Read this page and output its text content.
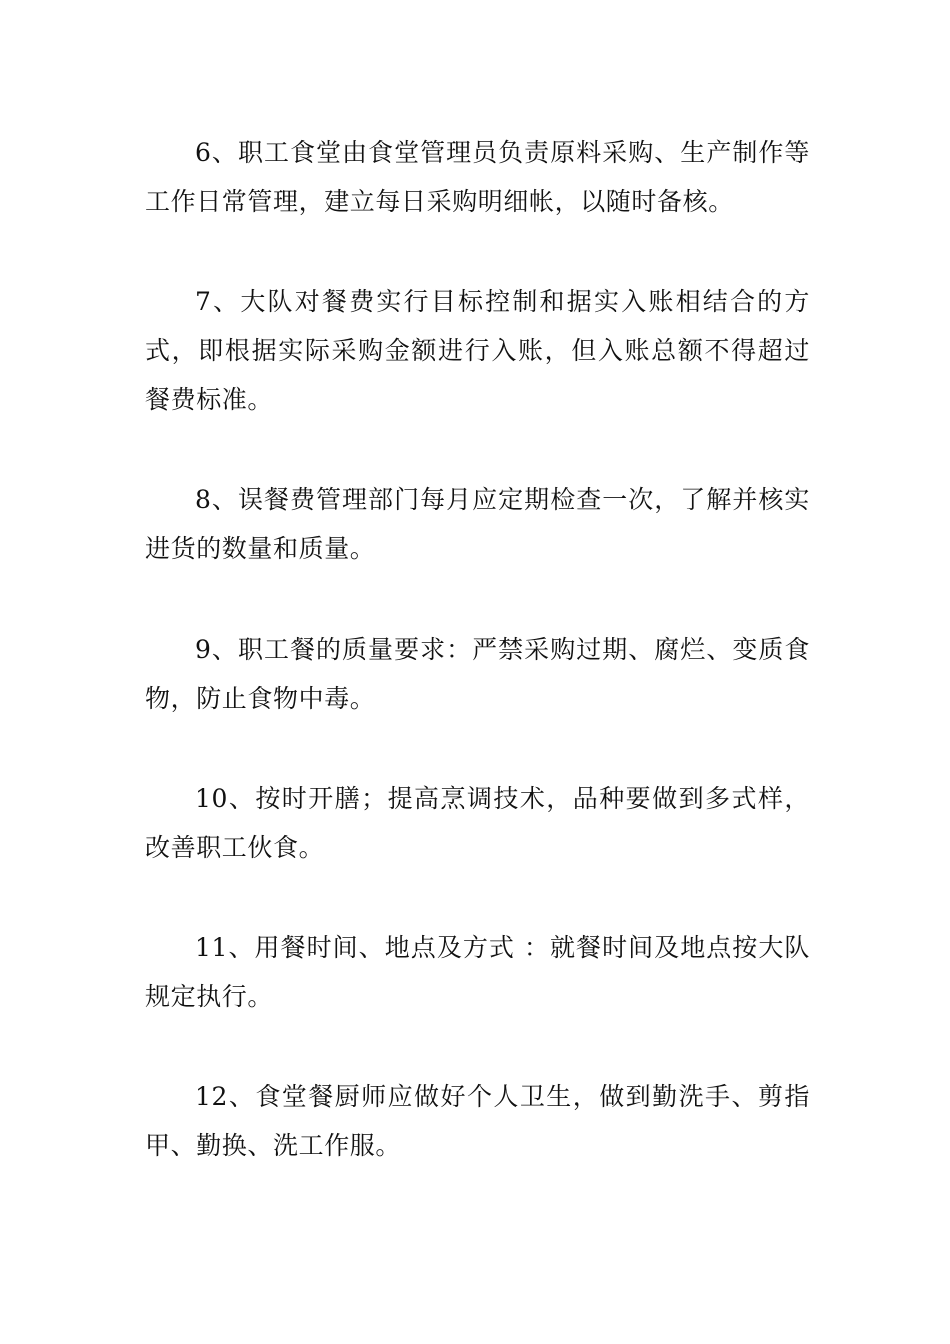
6、职工食堂由食堂管理员负责原料采购、生产制作等工作日常管理，建立每日采购明细帐，以随时备核。

7、大队对餐费实行目标控制和据实入账相结合的方式，即根据实际采购金额进行入账，但入账总额不得超过餐费标准。

8、误餐费管理部门每月应定期检查一次，了解并核实进货的数量和质量。

9、职工餐的质量要求：严禁采购过期、腐烂、变质食物，防止食物中毒。

10、按时开膳；提高烹调技术，品种要做到多式样，改善职工伙食。

11、用餐时间、地点及方式 ：就餐时间及地点按大队规定执行。

12、食堂餐厨师应做好个人卫生，做到勤洗手、剪指甲、勤换、洗工作服。
